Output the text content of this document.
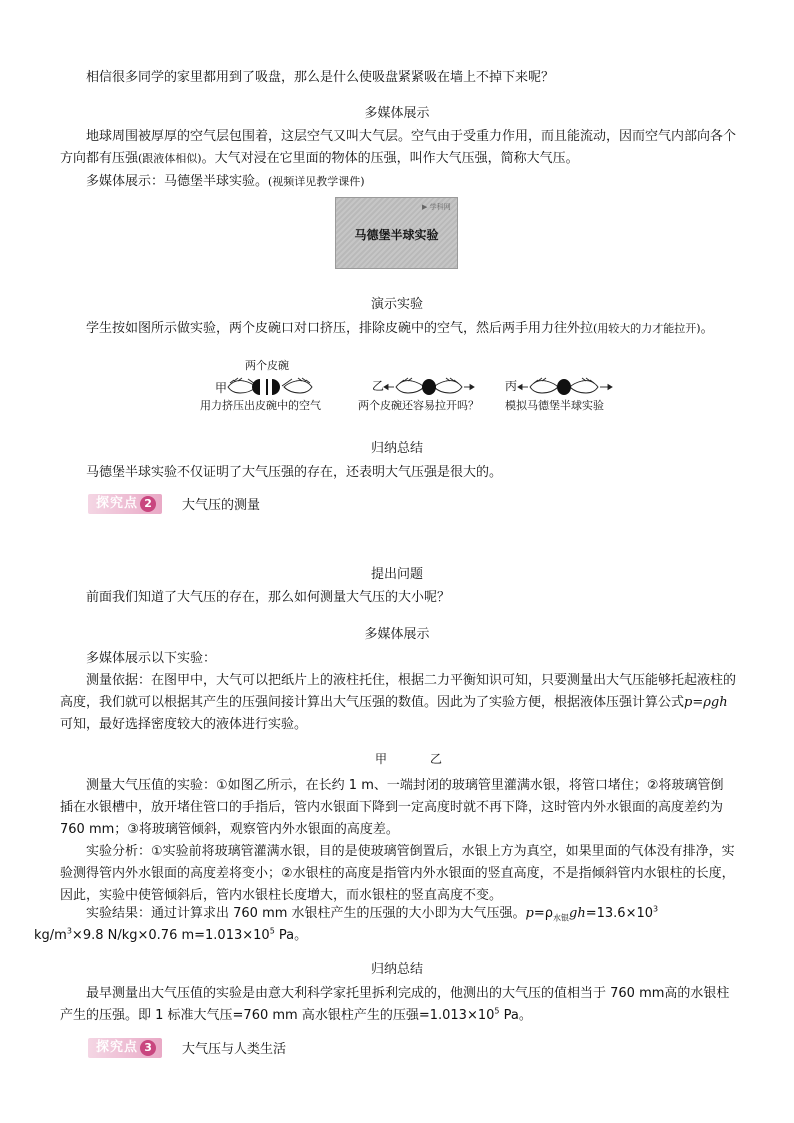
相信很多同学的家里都用到了吸盘，那么是什么使吸盘紧紧吸在墙上不掉下来呢？

多媒体展示

地球周围被厚厚的空气层包围着，这层空气又叫大气层。空气由于受重力作用，而且能流动，因而空气内部向各个方向都有压强(跟液体相似)。大气对浸在它里面的物体的压强，叫作大气压强，简称大气压。

多媒体展示：马德堡半球实验。(视频详见教学课件)

▶ 学科网
马德堡半球实验
演示实验

学生按如图所示做实验，两个皮碗口对口挤压，排除皮碗中的空气，然后两手用力往外拉(用较大的力才能拉开)。

两个皮碗
甲	乙	丙
用力挤压出皮碗中的空气	两个皮碗还容易拉开吗？ 模拟马德堡半球实验
归纳总结

马德堡半球实验不仅证明了大气压强的存在，还表明大气压强是很大的。

探究点 2	大气压的测量
提出问题

前面我们知道了大气压的存在，那么如何测量大气压的大小呢？

多媒体展示

多媒体展示以下实验：

测量依据：在图甲中，大气可以把纸片上的液柱托住，根据二力平衡知识可知，只要测量出大气压能够托起液柱的高度，我们就可以根据其产生的压强间接计算出大气压强的数值。因此为了实验方便，根据液体压强计算公式p=ρgh可知，最好选择密度较大的液体进行实验。

甲	乙

测量大气压值的实验：①如图乙所示，在长约 1 m、一端封闭的玻璃管里灌满水银，将管口堵住；②将玻璃管倒插在水银槽中，放开堵住管口的手指后，管内水银面下降到一定高度时就不再下降，这时管内外水银面的高度差约为 760 mm；③将玻璃管倾斜，观察管内外水银面的高度差。

实验分析：①实验前将玻璃管灌满水银，目的是使玻璃管倒置后，水银上方为真空，如果里面的气体没有排净，实验测得管内外水银面的高度差将变小；②水银柱的高度是指管内外水银面的竖直高度，不是指倾斜管内水银柱的长度，因此，实验中使管倾斜后，管内水银柱长度增大，而水银柱的竖直高度不变。

实验结果：通过计算求出 760 mm 水银柱产生的压强的大小即为大气压强。$p=\rho_{水银}gh=13.6\times 10^3$
$kg/m^3\times 9.8$ N/kg×0.76 $m=1.013\times 10^5$ Pa。

归纳总结

最早测量出大气压值的实验是由意大利科学家托里拆利完成的，他测出的大气压的值相当于 760 mm高的水银柱产生的压强。即 1 标准大气压=760 mm 高水银柱产生的压强$=1.013\times 10^5$ Pa。

探究点 3	大气压与人类生活
